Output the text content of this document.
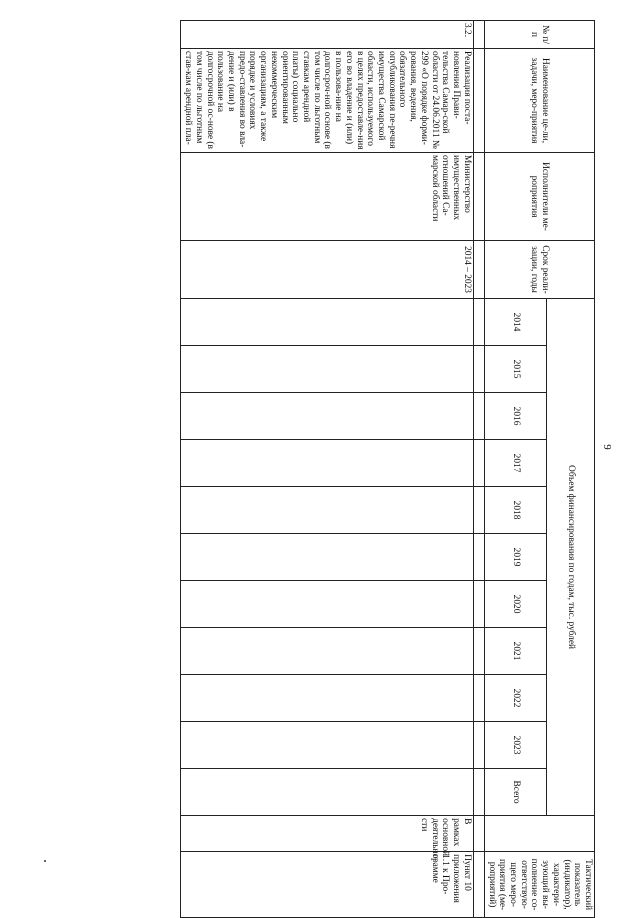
9
№ п/п	Наименование це-ли, задачи, меро-приятия	Исполнители ме-роприятия	Срок реали-зации, годы	Объем финансирования по годам, тыс. рублей												Тактический показатель (индикатор), характери-зующий вы-полнение со-ответствую-щего меро-приятия (ме-роприятий)
				2014	2015	2016	2017	2018	2019	2020	2021	2022	2023	Всего		

3.2.	Реализация поста-новления Прави-тельства Самар-ской области от 24.06.2011 № 299 «О порядке форми-рования, ведения, обязательного опубликования пе-речня имущества Самарской области, используемого в целях предоставле-ния его во владение и (или) в пользова-ние на долгосроч-ной основе (в том числе по льготным ставкам арендной платы) социально ориентированным некоммерческим организациям, а также порядке и условиях предо-ставления во вла-дение и (или) в пользование на долгосрочной ос-нове (в том числе по льготным став-кам арендной пла-	Министерство имущественных отношений Са-марской области	2014 – 2023												В рамках основной деятельно-сти	Пункт 10 приложения 1.1 к Про-грамме
